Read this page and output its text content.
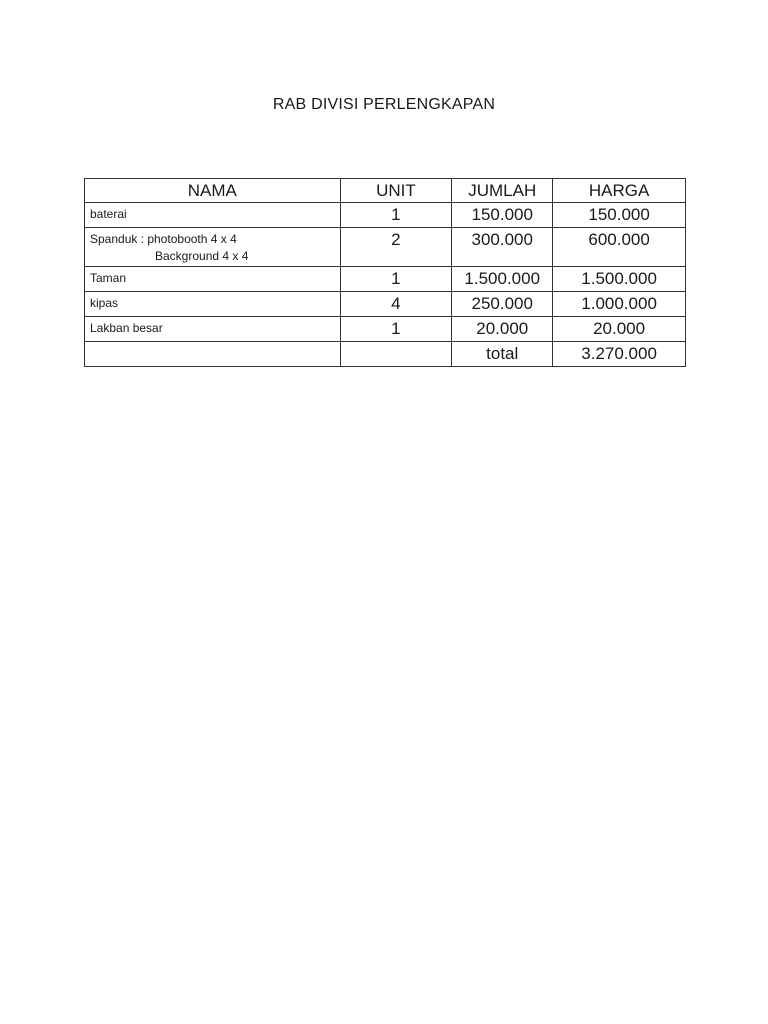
RAB DIVISI PERLENGKAPAN
NAMA	UNIT	JUMLAH	HARGA
baterai	1	150.000	150.000
Spanduk : photobooth 4 x 4
Background 4 x 4	2	300.000	600.000
Taman	1	1.500.000	1.500.000
kipas	4	250.000	1.000.000
Lakban besar	1	20.000	20.000
		total	3.270.000
